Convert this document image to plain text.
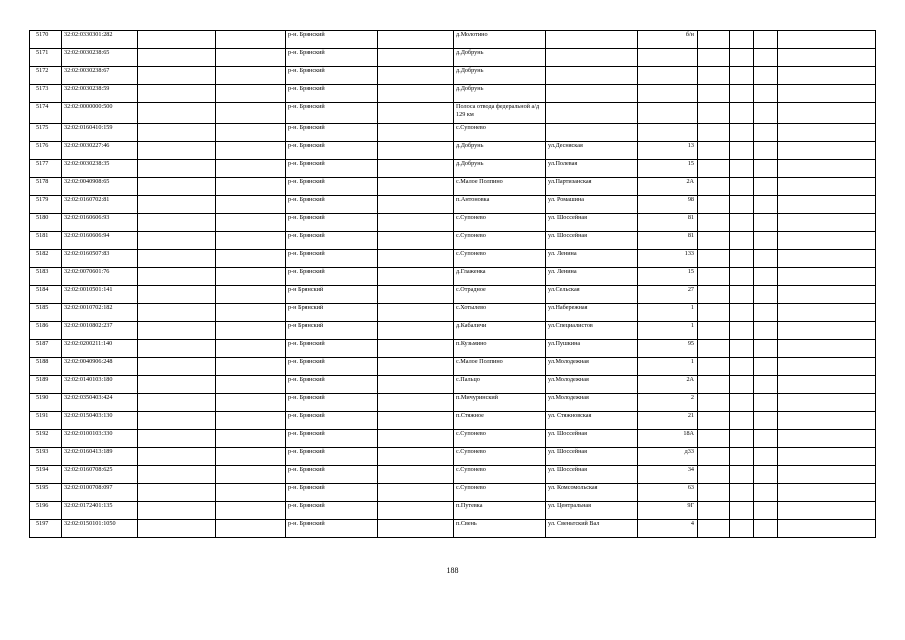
5170	32:02:0330301:282			р-н. Брянский		д.Молотино		б/н				
5171	32:02:0030238:65			р-н. Брянский		д.Добрунь						
5172	32:02:0030238:67			р-н. Брянский		д.Добрунь						
5173	32:02:0030238:59			р-н. Брянский		д.Добрунь						
5174	32:02:0000000:500			р-н. Брянский		Полоса отвода федеральной а/д 129 км						
5175	32:02:0160410:159			р-н. Брянский		с.Супонево						
5176	32:02:0030227:46			р-н. Брянский		д.Добрунь	ул.Десняская	13				
5177	32:02:0030238:35			р-н. Брянский		д.Добрунь	ул.Полевая	15				
5178	32:02:0040908:65			р-н. Брянский		с.Малое Полпино	ул.Партизанская	2А				
5179	32:02:0160702:81			р-н. Брянский		п.Антоновка	ул. Ромашина	98				
5180	32:02:0160606:93			р-н. Брянский		с.Супонево	ул. Шоссейная	81				
5181	32:02:0160606:94			р-н. Брянский		с.Супонево	ул. Шоссейная	81				
5182	32:02:0160507:83			р-н. Брянский		с.Супонево	ул. Ленина	133				
5183	32:02:0070601:76			р-н. Брянский		д.Глаженка	ул. Ленина	15				
5184	32:02:0010501:141			р-н Брянский		с.Отрадное	ул.Сельская	27				
5185	32:02:0010702:182			р-н Брянский		с.Хотылево	ул.Набережная	1				
5186	32:02:0010802:237			р-н Брянский		д.Кабаличи	ул.Специалистов	1				
5187	32:02:0200211:140			р-н. Брянский		п.Кузьмино	ул.Пушкина	95				
5188	32:02:0040906:248			р-н. Брянский		с.Малое Полпино	ул.Молодежная	1				
5189	32:02:0140103:180			р-н. Брянский		с.Пальцо	ул.Молодежная	2А				
5190	32:02:0350403:424			р-н. Брянский		п.Мичуринский	ул.Молодежная	2				
5191	32:02:0150403:130			р-н. Брянский		п.Стяжное	ул. Стяжновская	21				
5192	32:02:0100103:330			р-н. Брянский		с.Супонево	ул. Шоссейная	18А				
5193	32:02:0160413:189			р-н. Брянский		с.Супонево	ул. Шоссейная	д33				
5194	32:02:0160708:625			р-н. Брянский		с.Супонево	ул. Шоссейная	34				
5195	32:02:0100708:097			р-н. Брянский		с.Супонево	ул. Комсомольская	63				
5196	32:02:0172401:135			р-н. Брянский		п.Путевка	ул. Центральная	9Г				
5197	32:02:0150101:1050			р-н. Брянский		п.Свень	ул. Свеньтский Вал	4				
188
